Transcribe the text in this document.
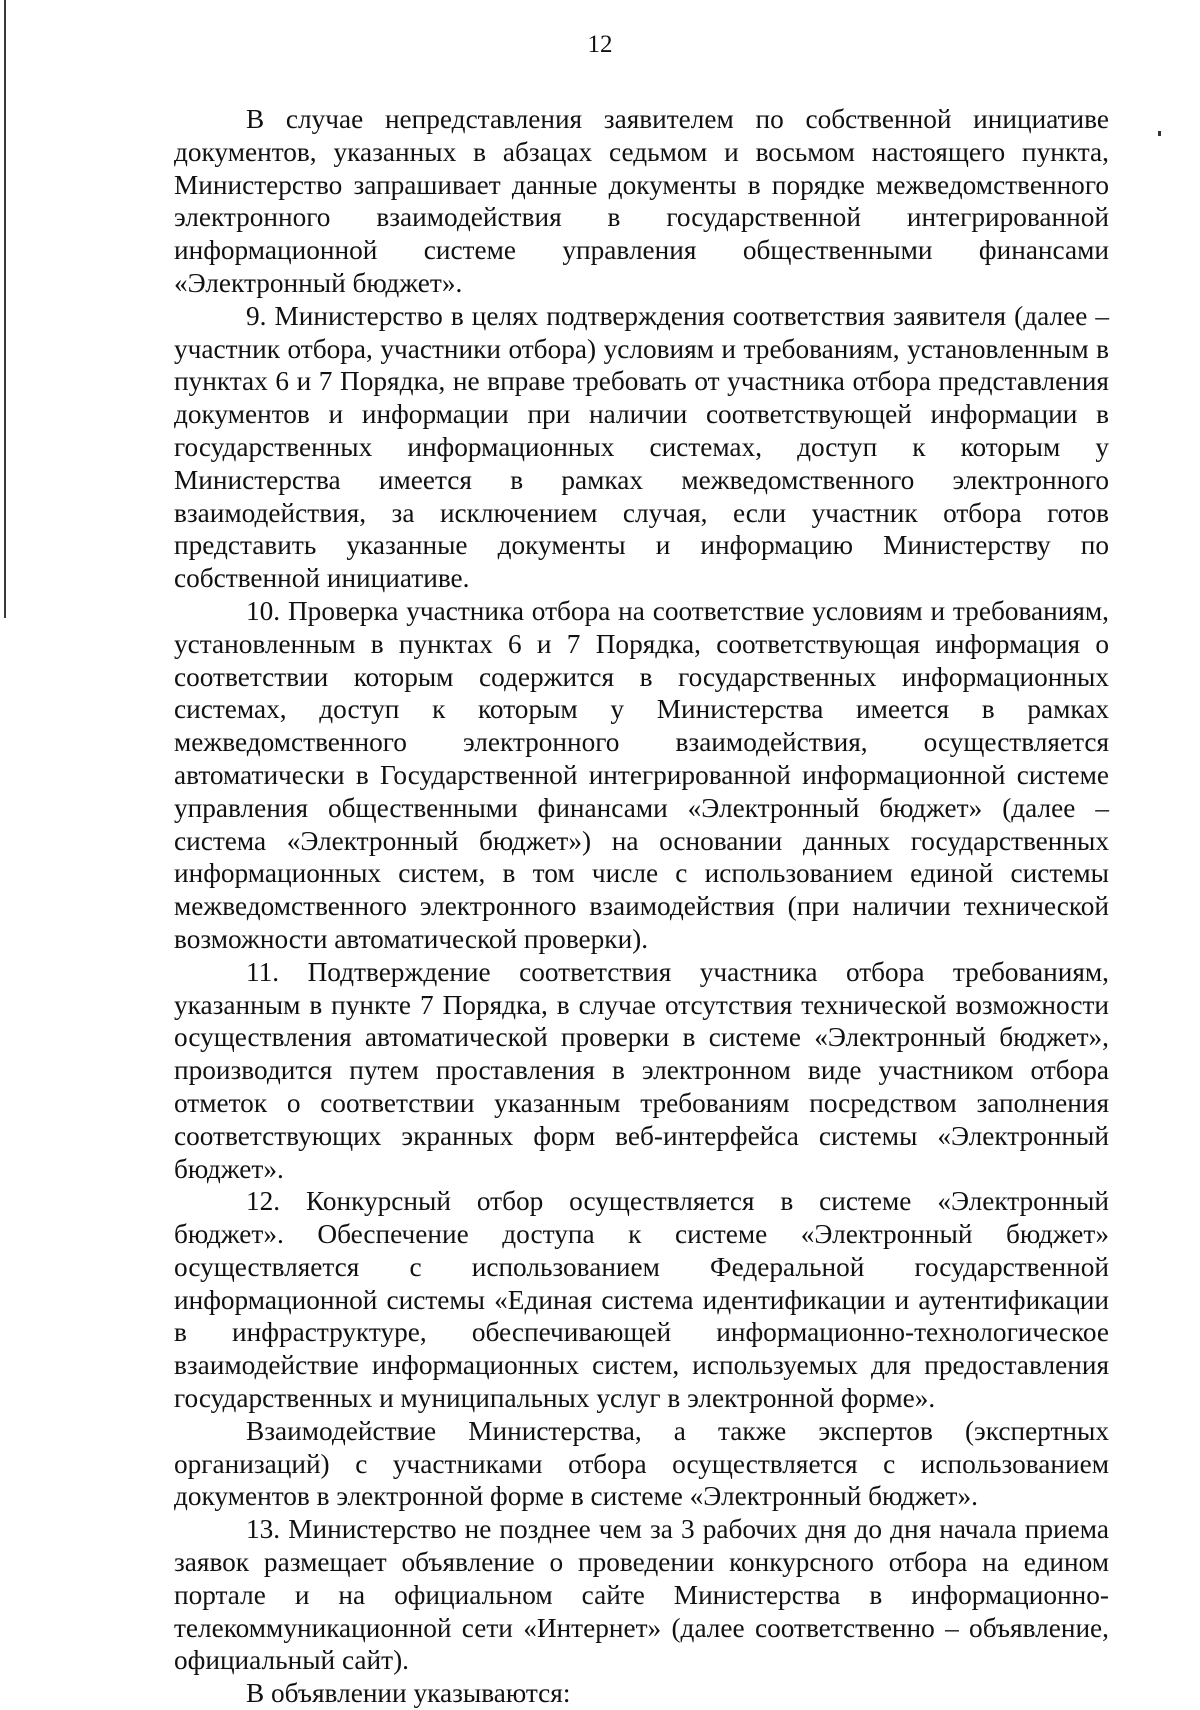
12

В случае непредставления заявителем по собственной инициативе документов, указанных в абзацах седьмом и восьмом настоящего пункта, Министерство запрашивает данные документы в порядке межведомственного электронного взаимодействия в государственной интегрированной информационной системе управления общественными финансами «Электронный бюджет».

9. Министерство в целях подтверждения соответствия заявителя (далее – участник отбора, участники отбора) условиям и требованиям, установленным в пунктах 6 и 7 Порядка, не вправе требовать от участника отбора представления документов и информации при наличии соответствующей информации в государственных информационных системах, доступ к которым у Министерства имеется в рамках межведомственного электронного взаимодействия, за исключением случая, если участник отбора готов представить указанные документы и информацию Министерству по собственной инициативе.

10. Проверка участника отбора на соответствие условиям и требованиям, установленным в пунктах 6 и 7 Порядка, соответствующая информация о соответствии которым содержится в государственных информационных системах, доступ к которым у Министерства имеется в рамках межведомственного электронного взаимодействия, осуществляется автоматически в Государственной интегрированной информационной системе управления общественными финансами «Электронный бюджет» (далее – система «Электронный бюджет») на основании данных государственных информационных систем, в том числе с использованием единой системы межведомственного электронного взаимодействия (при наличии технической возможности автоматической проверки).

11. Подтверждение соответствия участника отбора требованиям, указанным в пункте 7 Порядка, в случае отсутствия технической возможности осуществления автоматической проверки в системе «Электронный бюджет», производится путем проставления в электронном виде участником отбора отметок о соответствии указанным требованиям посредством заполнения соответствующих экранных форм веб-интерфейса системы «Электронный бюджет».

12. Конкурсный отбор осуществляется в системе «Электронный бюджет». Обеспечение доступа к системе «Электронный бюджет» осуществляется с использованием Федеральной государственной информационной системы «Единая система идентификации и аутентификации в инфраструктуре, обеспечивающей информационно-технологическое взаимодействие информационных систем, используемых для предоставления государственных и муниципальных услуг в электронной форме».

Взаимодействие Министерства, а также экспертов (экспертных организаций) с участниками отбора осуществляется с использованием документов в электронной форме в системе «Электронный бюджет».

13. Министерство не позднее чем за 3 рабочих дня до дня начала приема заявок размещает объявление о проведении конкурсного отбора на едином портале и на официальном сайте Министерства в информационно-телекоммуникационной сети «Интернет» (далее соответственно – объявление, официальный сайт).

В объявлении указываются:
